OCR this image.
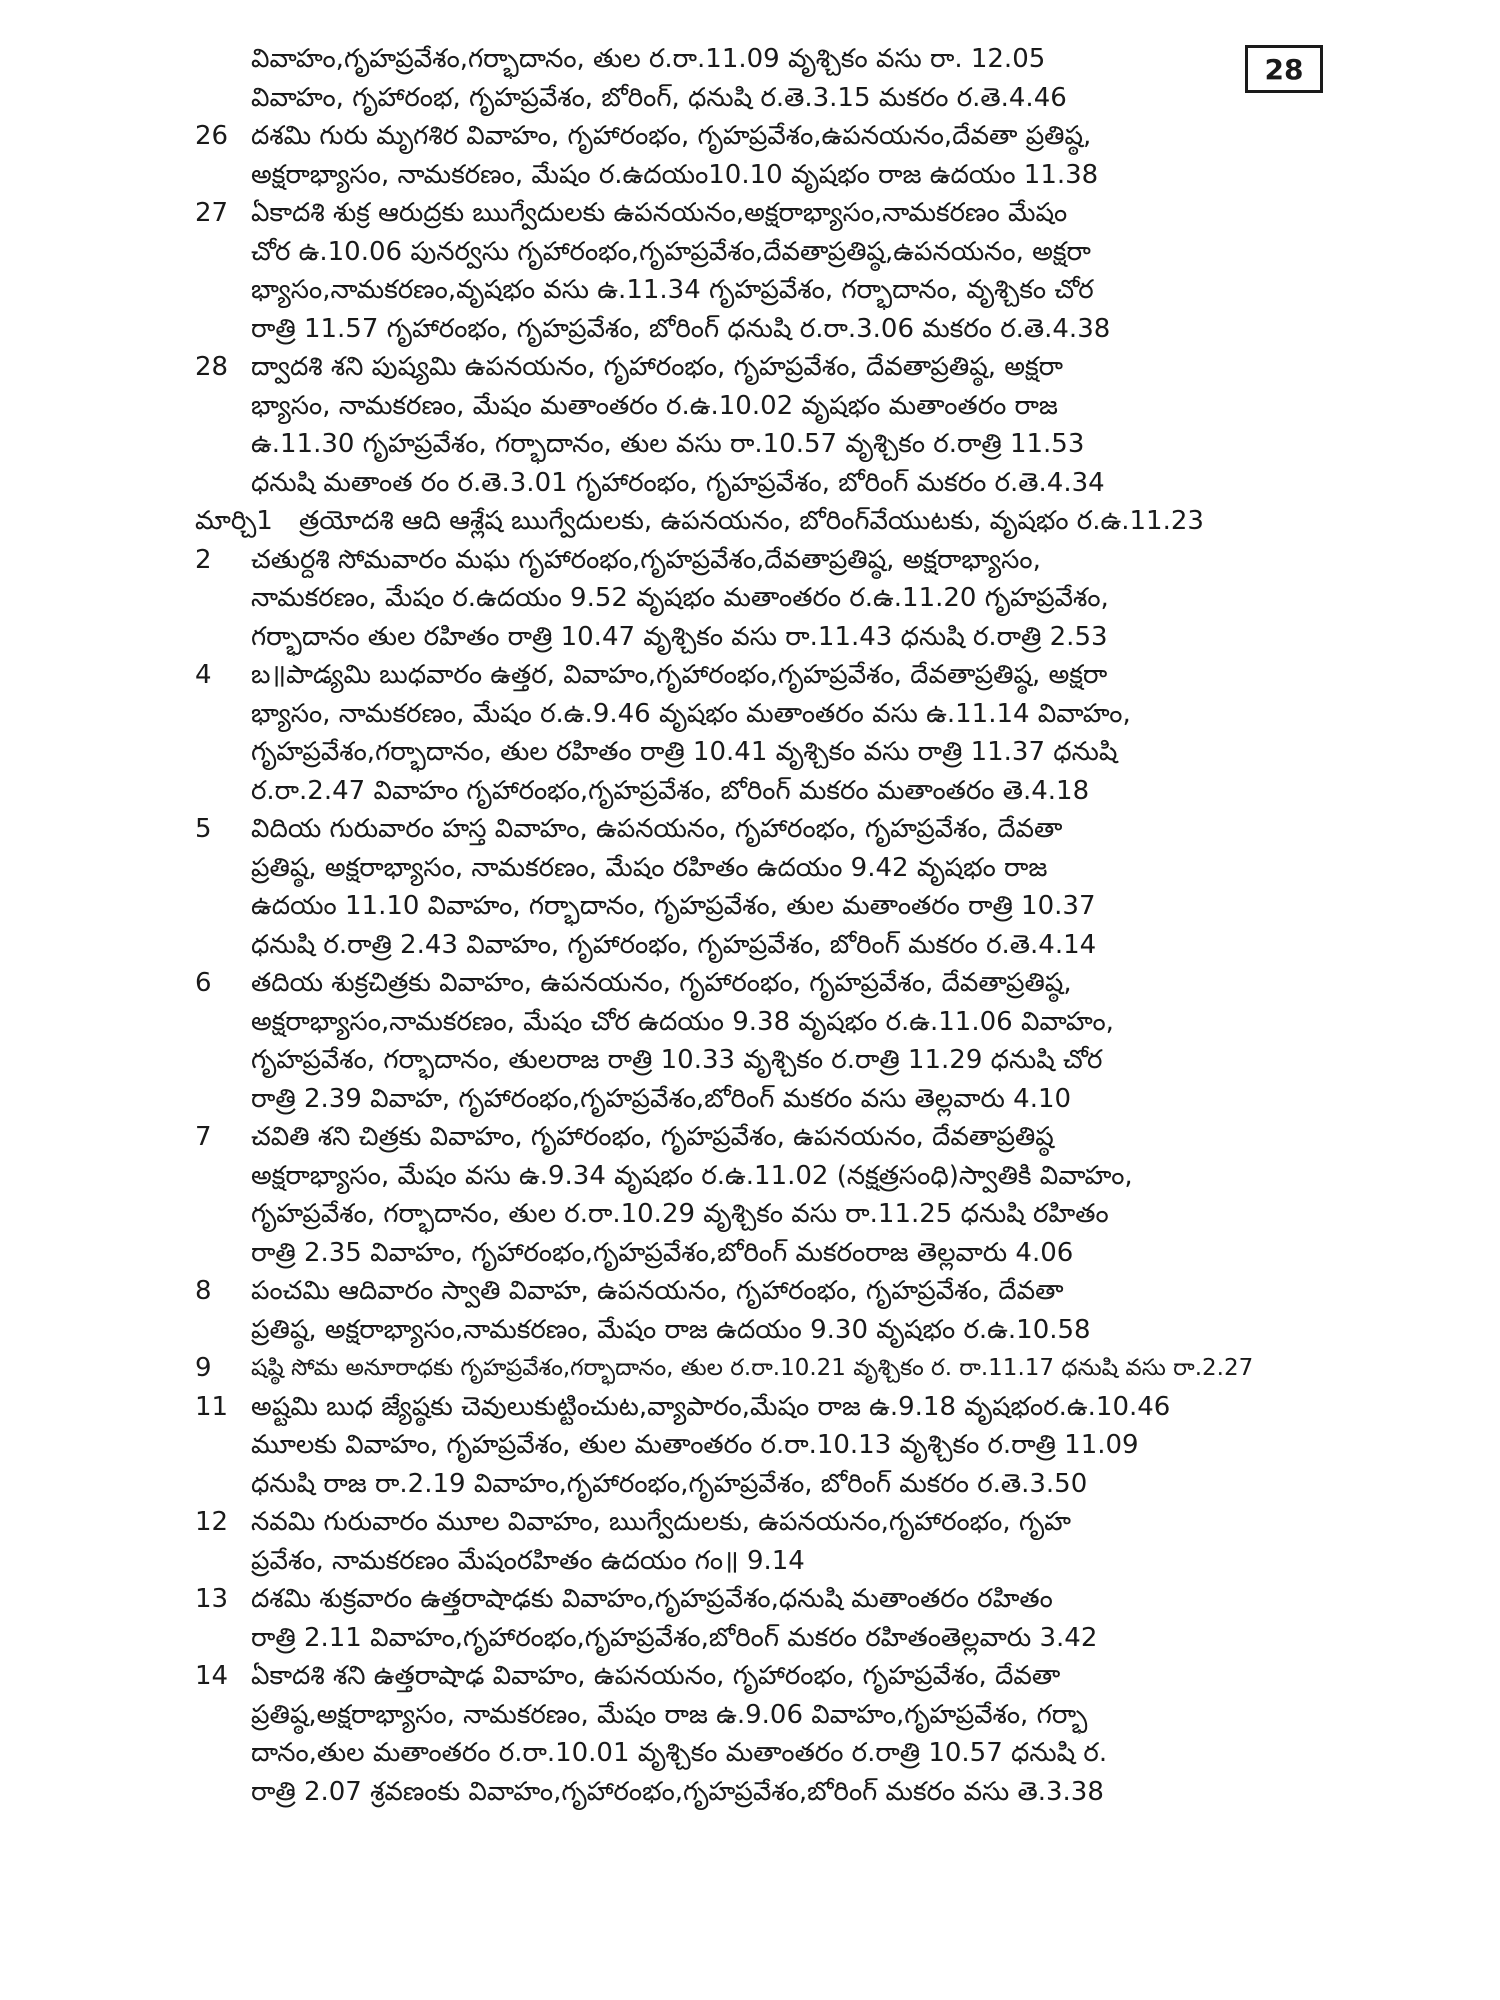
28
వివాహం,గృహప్రవేశం,గర్భాదానం, తుల ర.రా.11.09 వృశ్చికం వసు రా. 12.05
వివాహం, గృహారంభ, గృహప్రవేశం, బోరింగ్, ధనుషి ర.తె.3.15 మకరం ర.తె.4.46
26 దశమి గురు మృగశిర వివాహం, గృహారంభం, గృహప్రవేశం,ఉపనయనం,దేవతా ప్రతిష్ఠ,
అక్షరాభ్యాసం, నామకరణం, మేషం ర.ఉదయం10.10 వృషభం రాజ ఉదయం 11.38
27 ఏకాదశి శుక్ర ఆరుద్రకు ఋగ్వేదులకు ఉపనయనం,అక్షరాభ్యాసం,నామకరణం మేషం
చోర ఉ.10.06 పునర్వసు గృహారంభం,గృహప్రవేశం,దేవతాప్రతిష్ఠ,ఉపనయనం, అక్షరా
భ్యాసం,నామకరణం,వృషభం వసు ఉ.11.34 గృహప్రవేశం, గర్భాదానం, వృశ్చికం చోర
రాత్రి 11.57 గృహారంభం, గృహప్రవేశం, బోరింగ్ ధనుషి ర.రా.3.06 మకరం ర.తె.4.38
28 ద్వాదశి శని పుష్యమి ఉపనయనం, గృహారంభం, గృహప్రవేశం, దేవతాప్రతిష్ఠ, అక్షరా
భ్యాసం, నామకరణం, మేషం మతాంతరం ర.ఉ.10.02 వృషభం మతాంతరం రాజ
ఉ.11.30 గృహప్రవేశం, గర్భాదానం, తుల వసు రా.10.57 వృశ్చికం ర.రాత్రి 11.53
ధనుషి మతాంత రం ర.తె.3.01 గృహారంభం, గృహప్రవేశం, బోరింగ్ మకరం ర.తె.4.34
మార్చి1	త్రయోదశి ఆది ఆశ్లేష ఋగ్వేదులకు, ఉపనయనం, బోరింగ్‌వేయుటకు, వృషభం ర.ఉ.11.23
2	చతుర్దశి సోమవారం మఘ గృహారంభం,గృహప్రవేశం,దేవతాప్రతిష్ఠ, అక్షరాభ్యాసం,
నామకరణం, మేషం ర.ఉదయం 9.52 వృషభం మతాంతరం ర.ఉ.11.20 గృహప్రవేశం,
గర్భాదానం తుల రహితం రాత్రి 10.47 వృశ్చికం వసు రా.11.43 ధనుషి ర.రాత్రి 2.53
4	బ॥పాడ్యమి బుధవారం ఉత్తర, వివాహం,గృహారంభం,గృహప్రవేశం, దేవతాప్రతిష్ఠ, అక్షరా
భ్యాసం, నామకరణం, మేషం ర.ఉ.9.46 వృషభం మతాంతరం వసు ఉ.11.14 వివాహం,
గృహప్రవేశం,గర్భాదానం, తుల రహితం రాత్రి 10.41 వృశ్చికం వసు రాత్రి 11.37 ధనుషి
ర.రా.2.47 వివాహం గృహారంభం,గృహప్రవేశం, బోరింగ్ మకరం మతాంతరం తె.4.18
5	విదియ గురువారం హస్త వివాహం, ఉపనయనం, గృహారంభం, గృహప్రవేశం, దేవతా
ప్రతిష్ఠ, అక్షరాభ్యాసం, నామకరణం, మేషం రహితం ఉదయం 9.42 వృషభం రాజ
ఉదయం 11.10 వివాహం, గర్భాదానం, గృహప్రవేశం, తుల మతాంతరం రాత్రి 10.37
ధనుషి ర.రాత్రి 2.43 వివాహం, గృహారంభం, గృహప్రవేశం, బోరింగ్ మకరం ర.తె.4.14
6	తదియ శుక్రచిత్రకు వివాహం, ఉపనయనం, గృహారంభం, గృహప్రవేశం, దేవతాప్రతిష్ఠ,
అక్షరాభ్యాసం,నామకరణం, మేషం చోర ఉదయం 9.38 వృషభం ర.ఉ.11.06 వివాహం,
గృహప్రవేశం, గర్భాదానం, తులరాజ రాత్రి 10.33 వృశ్చికం ర.రాత్రి 11.29 ధనుషి చోర
రాత్రి 2.39 వివాహ, గృహారంభం,గృహప్రవేశం,బోరింగ్ మకరం వసు తెల్లవారు 4.10
7	చవితి శని చిత్రకు వివాహం, గృహారంభం, గృహప్రవేశం, ఉపనయనం, దేవతాప్రతిష్ఠ
అక్షరాభ్యాసం, మేషం వసు ఉ.9.34 వృషభం ర.ఉ.11.02 (నక్షత్రసంధి)స్వాతికి వివాహం,
గృహప్రవేశం, గర్భాదానం, తుల ర.రా.10.29 వృశ్చికం వసు రా.11.25 ధనుషి రహితం
రాత్రి 2.35 వివాహం, గృహారంభం,గృహప్రవేశం,బోరింగ్ మకరంరాజ తెల్లవారు 4.06
8	పంచమి ఆదివారం స్వాతి వివాహ, ఉపనయనం, గృహారంభం, గృహప్రవేశం, దేవతా
ప్రతిష్ఠ, అక్షరాభ్యాసం,నామకరణం, మేషం రాజ ఉదయం 9.30 వృషభం ర.ఉ.10.58
9	షష్ఠి సోమ అనూరాధకు గృహప్రవేశం,గర్భాదానం, తుల ర.రా.10.21 వృశ్చికం ర. రా.11.17 ధనుషి వసు రా.2.27
11 అష్టమి బుధ జ్యేష్ఠకు చెవులుకుట్టించుట,వ్యాపారం,మేషం రాజ ఉ.9.18 వృషభంర.ఉ.10.46
మూలకు వివాహం, గృహప్రవేశం, తుల మతాంతరం ర.రా.10.13 వృశ్చికం ర.రాత్రి 11.09
ధనుషి రాజ రా.2.19 వివాహం,గృహారంభం,గృహప్రవేశం, బోరింగ్ మకరం ర.తె.3.50
12 నవమి గురువారం మూల వివాహం, ఋగ్వేదులకు, ఉపనయనం,గృహారంభం, గృహ
ప్రవేశం, నామకరణం మేషంరహితం ఉదయం గం॥ 9.14
13 దశమి శుక్రవారం ఉత్తరాషాఢకు వివాహం,గృహప్రవేశం,ధనుషి మతాంతరం రహితం
రాత్రి 2.11 వివాహం,గృహారంభం,గృహప్రవేశం,బోరింగ్ మకరం రహితంతెల్లవారు 3.42
14 ఏకాదశి శని ఉత్తరాషాఢ వివాహం, ఉపనయనం, గృహారంభం, గృహప్రవేశం, దేవతా
ప్రతిష్ఠ,అక్షరాభ్యాసం, నామకరణం, మేషం రాజ ఉ.9.06 వివాహం,గృహప్రవేశం, గర్భా
దానం,తుల మతాంతరం ర.రా.10.01 వృశ్చికం మతాంతరం ర.రాత్రి 10.57 ధనుషి ర.
రాత్రి 2.07 శ్రవణంకు వివాహం,గృహారంభం,గృహప్రవేశం,బోరింగ్ మకరం వసు తె.3.38
